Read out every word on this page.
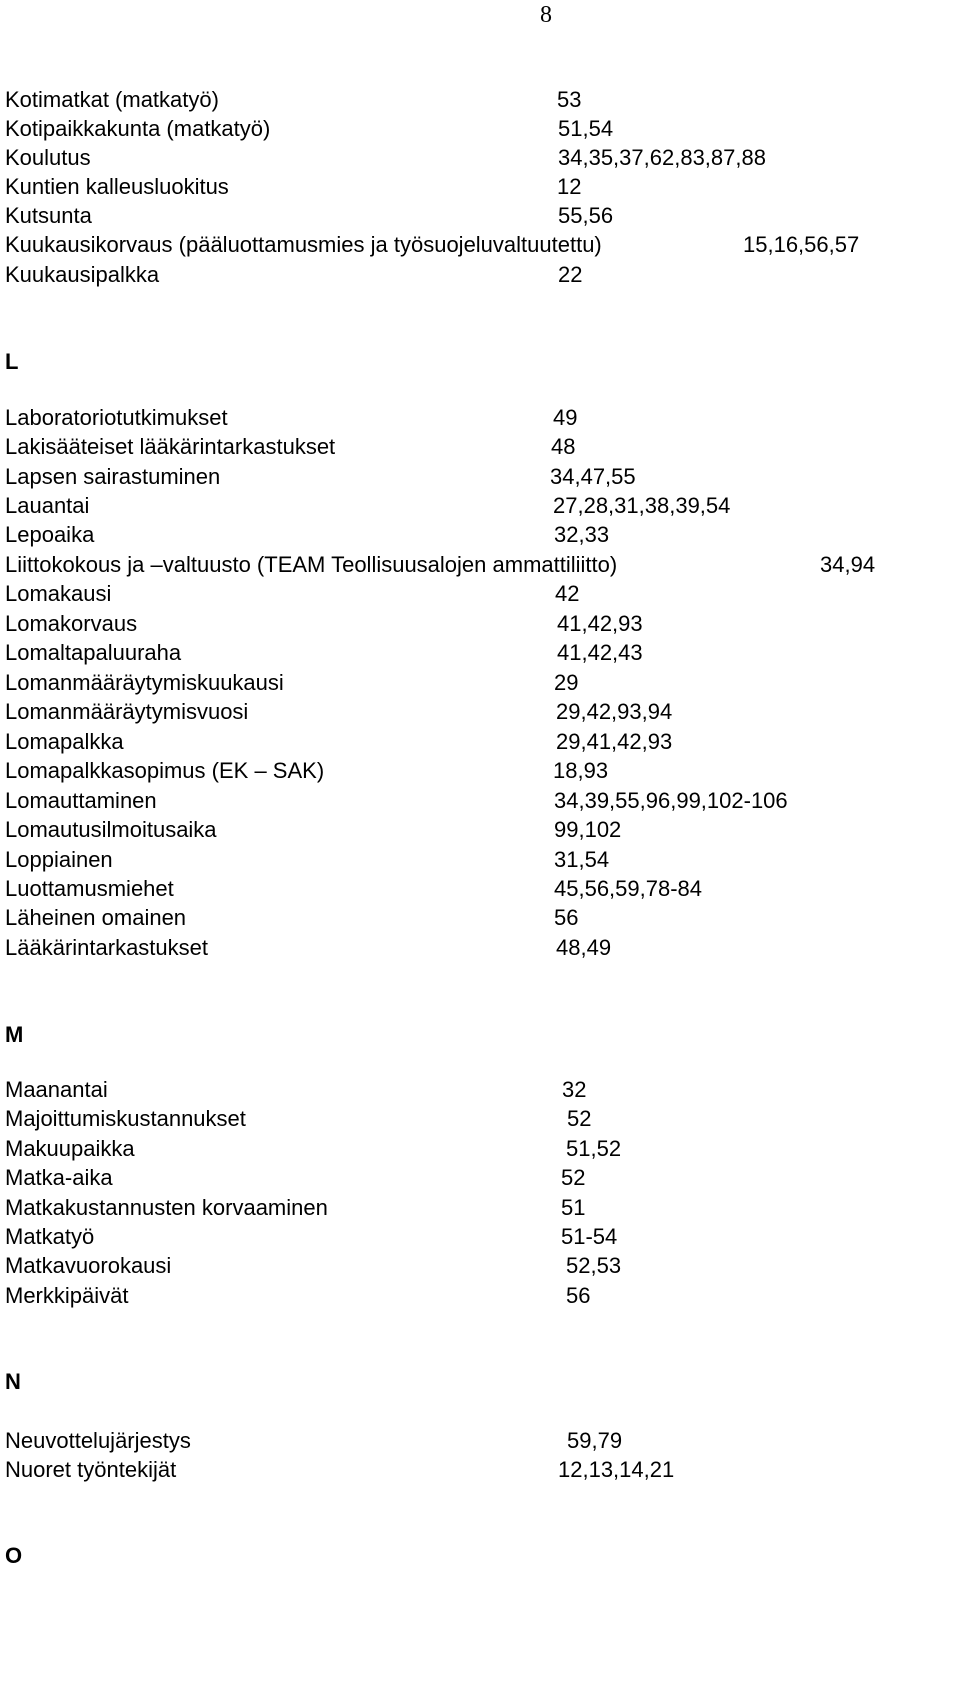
8
Kotimatkat (matkatyö)	53
Kotipaikkakunta (matkatyö)	51,54
Koulutus	34,35,37,62,83,87,88
Kuntien kalleusluokitus	12
Kutsunta	55,56
Kuukausikorvaus (pääluottamusmies ja työsuojeluvaltuutettu)	15,16,56,57
Kuukausipalkka	22
L
Laboratoriotutkimukset	49
Lakisääteiset lääkärintarkastukset	48
Lapsen sairastuminen	34,47,55
Lauantai	27,28,31,38,39,54
Lepoaika	32,33
Liittokokous ja –valtuusto (TEAM Teollisuusalojen ammattiliitto)	34,94
Lomakausi	42
Lomakorvaus	41,42,93
Lomaltapaluuraha	41,42,43
Lomanmääräytymiskuukausi	29
Lomanmääräytymisvuosi	29,42,93,94
Lomapalkka	29,41,42,93
Lomapalkkasopimus (EK – SAK)	18,93
Lomauttaminen	34,39,55,96,99,102-106
Lomautusilmoitusaika	99,102
Loppiainen	31,54
Luottamusmiehet	45,56,59,78-84
Läheinen omainen	56
Lääkärintarkastukset	48,49
M
Maanantai	32
Majoittumiskustannukset	52
Makuupaikka	51,52
Matka-aika	52
Matkakustannusten korvaaminen	51
Matkatyö	51-54
Matkavuorokausi	52,53
Merkkipäivät	56
N
Neuvottelujärjestys	59,79
Nuoret työntekijät	12,13,14,21
O
